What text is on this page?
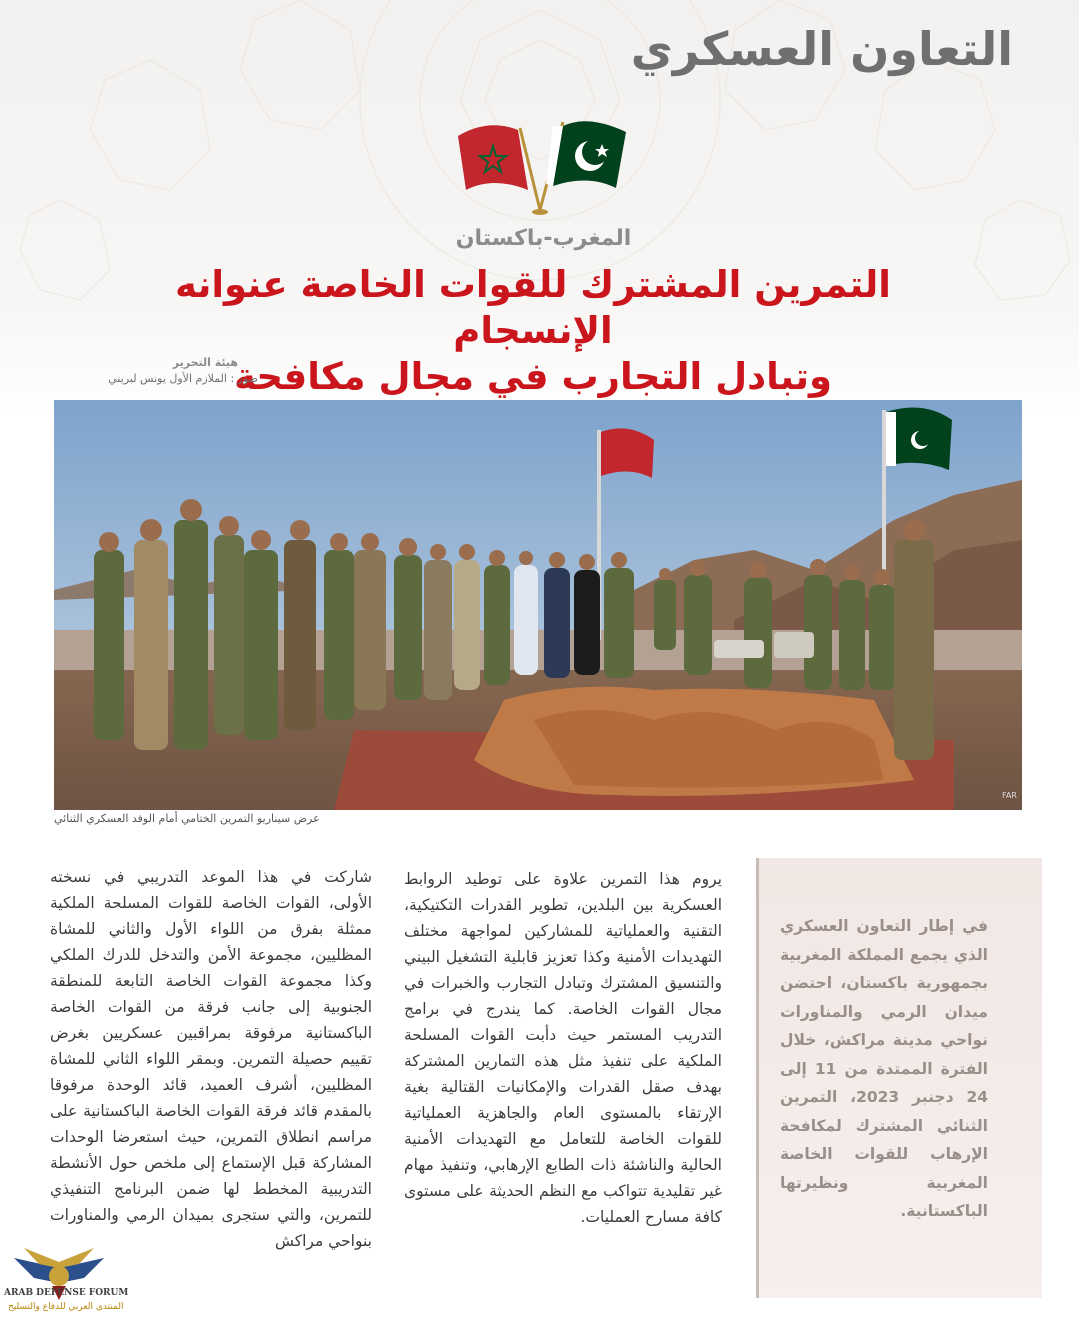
التعاون العسكري
المغرب-باكستان
التمرين المشترك للقوات الخاصة عنوانه الإنسجام
وتبادل التجارب في مجال مكافحة
هيئة التحرير
صور : الملازم الأول يونس لبريني
FAR
عرض سيناريو التمرين الختامي أمام الوفد العسكري الثنائي
في إطار التعاون العسكري الذي يجمع المملكة المغربية بجمهورية باكستان، احتضن ميدان الرمي والمناورات نواحي مدينة مراكش، خلال الفترة الممتدة من 11 إلى 24 دجنبر 2023، التمرين الثنائي المشترك لمكافحة الإرهاب للقوات الخاصة المغربية ونظيرتها الباكستانية.
يروم هذا التمرين علاوة على توطيد الروابط العسكرية بين البلدين، تطوير القدرات التكتيكية، التقنية والعملياتية للمشاركين لمواجهة مختلف التهديدات الأمنية وكذا تعزيز قابلية التشغيل البيني والتنسيق المشترك وتبادل التجارب والخبرات في مجال القوات الخاصة. كما يندرج في برامج التدريب المستمر حيث دأبت القوات المسلحة الملكية على تنفيذ مثل هذه التمارين المشتركة بهدف صقل القدرات والإمكانيات القتالية بغية الإرتقاء بالمستوى العام والجاهزية العملياتية للقوات الخاصة للتعامل مع التهديدات الأمنية الحالية والناشئة ذات الطابع الإرهابي، وتنفيذ مهام غير تقليدية تتواكب مع النظم الحديثة على مستوى كافة مسارح العمليات.
شاركت في هذا الموعد التدريبي في نسخته الأولى، القوات الخاصة للقوات المسلحة الملكية ممثلة بفرق من اللواء الأول والثاني للمشاة المظليين، مجموعة الأمن والتدخل للدرك الملكي وكذا مجموعة القوات الخاصة التابعة للمنطقة الجنوبية إلى جانب فرقة من القوات الخاصة الباكستانية مرفوقة بمراقبين عسكريين بغرض تقييم حصيلة التمرين. وبمقر اللواء الثاني للمشاة المظليين، أشرف العميد، قائد الوحدة مرفوقا بالمقدم قائد فرقة القوات الخاصة الباكستانية على مراسم انطلاق التمرين، حيث استعرضا الوحدات المشاركة قبل الإستماع إلى ملخص حول الأنشطة التدريبية المخطط لها ضمن البرنامج التنفيذي للتمرين، والتي ستجرى بميدان الرمي والمناورات بنواحي مراكش
ARAB DEFENSE FORUM
المنتدى العربي للدفاع والتسليح
